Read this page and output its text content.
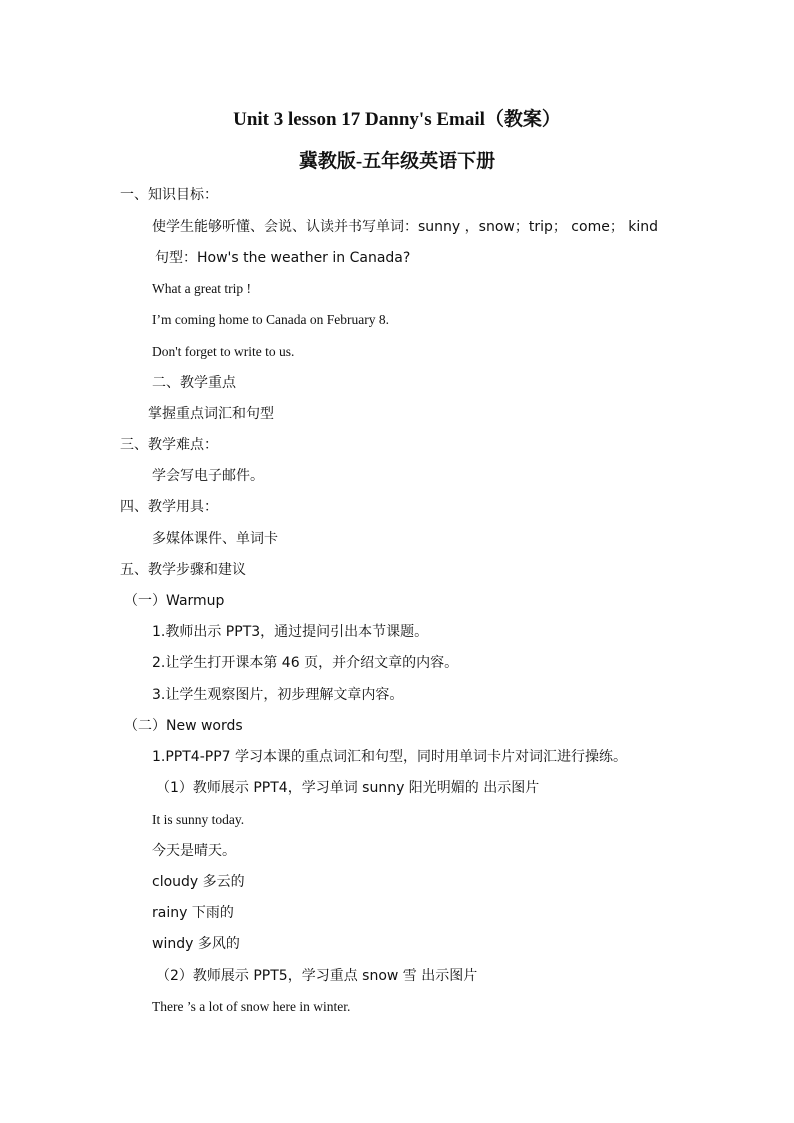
Unit 3 lesson 17 Danny's Email（教案）
冀教版-五年级英语下册
一、知识目标：
使学生能够听懂、会说、认读并书写单词：sunny ，snow；trip； come； kind
句型：How's the weather in Canada?
What a great trip !
I’m coming home to Canada on February 8.
Don't forget to write to us.
二、教学重点
掌握重点词汇和句型
三、教学难点：
学会写电子邮件。
四、教学用具：
多媒体课件、单词卡
五、教学步骤和建议
（一）Warmup
1.教师出示 PPT3，通过提问引出本节课题。
2.让学生打开课本第 46 页，并介绍文章的内容。
3.让学生观察图片，初步理解文章内容。
（二）New words
1.PPT4-PP7 学习本课的重点词汇和句型，同时用单词卡片对词汇进行操练。
（1）教师展示 PPT4，学习单词 sunny 阳光明媚的 出示图片
It is sunny today.
今天是晴天。
cloudy 多云的
rainy 下雨的
windy 多风的
（2）教师展示 PPT5，学习重点 snow 雪 出示图片
There ’s a lot of snow here in winter.
